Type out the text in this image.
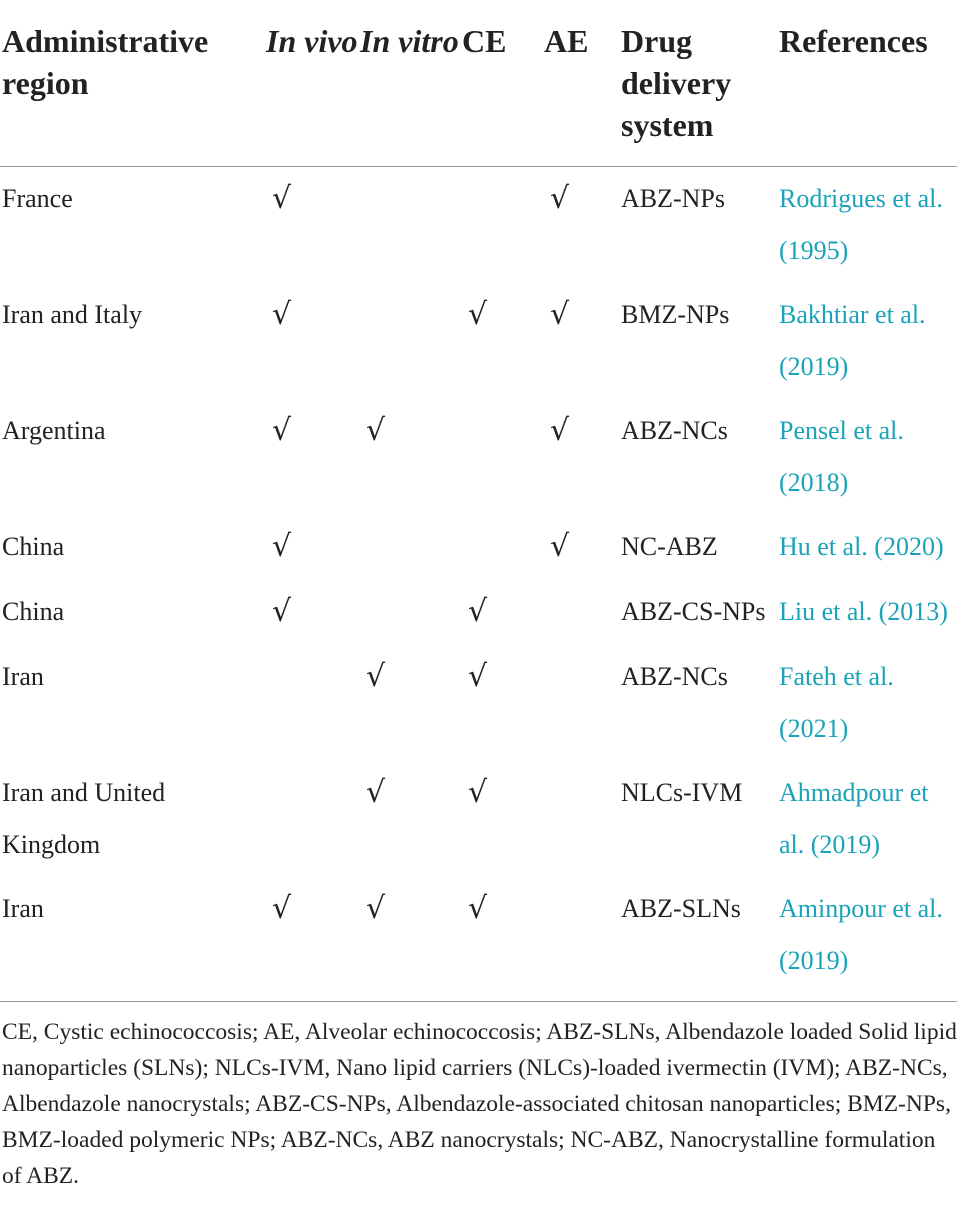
Administrative region	In vivo	In vitro	CE	AE	Drug delivery system	References
France	√			√	ABZ-NPs	Rodrigues et al. (1995)
Iran and Italy	√		√	√	BMZ-NPs	Bakhtiar et al. (2019)
Argentina	√	√		√	ABZ-NCs	Pensel et al. (2018)
China	√			√	NC-ABZ	Hu et al. (2020)
China	√		√		ABZ-CS-NPs	Liu et al. (2013)
Iran		√	√		ABZ-NCs	Fateh et al. (2021)
Iran and United Kingdom		√	√		NLCs-IVM	Ahmadpour et al. (2019)
Iran	√	√	√		ABZ-SLNs	Aminpour et al. (2019)
CE, Cystic echinococcosis; AE, Alveolar echinococcosis; ABZ-SLNs, Albendazole loaded Solid lipid nanoparticles (SLNs); NLCs-IVM, Nano lipid carriers (NLCs)-loaded ivermectin (IVM); ABZ-NCs, Albendazole nanocrystals; ABZ-CS-NPs, Albendazole-associated chitosan nanoparticles; BMZ-NPs, BMZ-loaded polymeric NPs; ABZ-NCs, ABZ nanocrystals; NC-ABZ, Nanocrystalline formulation of ABZ.
